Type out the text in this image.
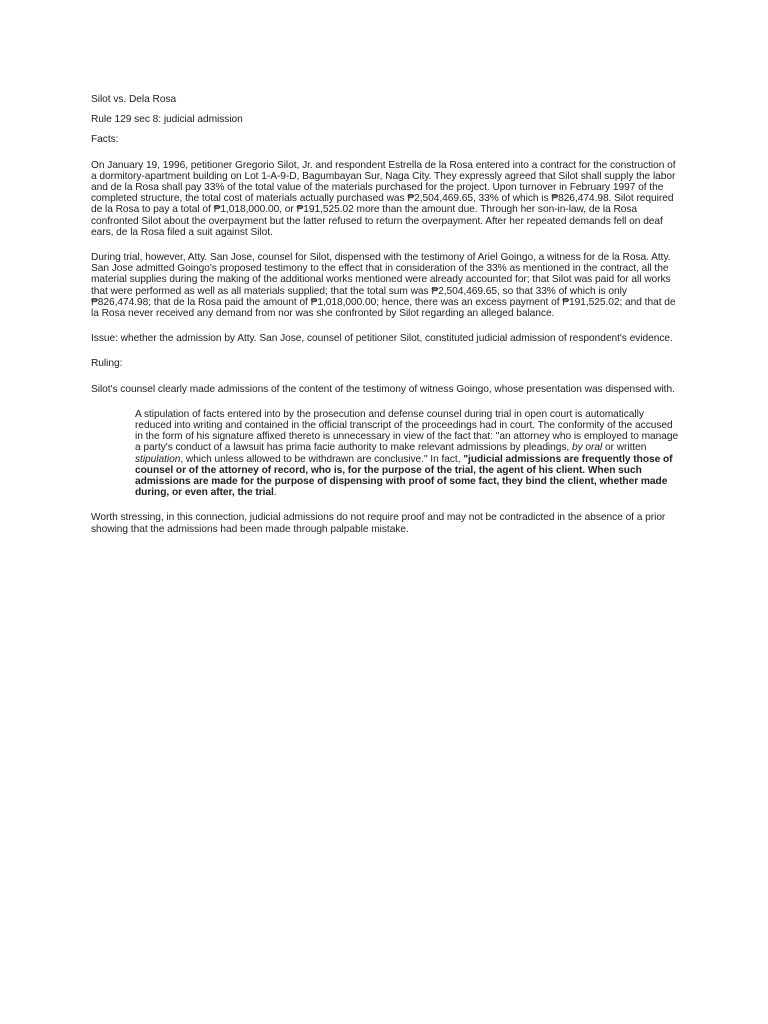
Silot vs. Dela Rosa

Rule 129 sec 8: judicial admission

Facts:

On January 19, 1996, petitioner Gregorio Silot, Jr. and respondent Estrella de la Rosa entered into a contract for the construction of a dormitory-apartment building on Lot 1-A-9-D, Bagumbayan Sur, Naga City. They expressly agreed that Silot shall supply the labor and de la Rosa shall pay 33% of the total value of the materials purchased for the project. Upon turnover in February 1997 of the completed structure, the total cost of materials actually purchased was ₱2,504,469.65, 33% of which is ₱826,474.98. Silot required de la Rosa to pay a total of ₱1,018,000.00, or ₱191,525.02 more than the amount due. Through her son-in-law, de la Rosa confronted Silot about the overpayment but the latter refused to return the overpayment. After her repeated demands fell on deaf ears, de la Rosa filed a suit against Silot.

During trial, however, Atty. San Jose, counsel for Silot, dispensed with the testimony of Ariel Goingo, a witness for de la Rosa. Atty. San Jose admitted Goingo's proposed testimony to the effect that in consideration of the 33% as mentioned in the contract, all the material supplies during the making of the additional works mentioned were already accounted for; that Silot was paid for all works that were performed as well as all materials supplied; that the total sum was ₱2,504,469.65, so that 33% of which is only ₱826,474.98; that de la Rosa paid the amount of ₱1,018,000.00; hence, there was an excess payment of ₱191,525.02; and that de la Rosa never received any demand from nor was she confronted by Silot regarding an alleged balance.

Issue: whether the admission by Atty. San Jose, counsel of petitioner Silot, constituted judicial admission of respondent's evidence.

Ruling:

Silot's counsel clearly made admissions of the content of the testimony of witness Goingo, whose presentation was dispensed with.

A stipulation of facts entered into by the prosecution and defense counsel during trial in open court is automatically reduced into writing and contained in the official transcript of the proceedings had in court. The conformity of the accused in the form of his signature affixed thereto is unnecessary in view of the fact that: "an attorney who is employed to manage a party's conduct of a lawsuit has prima facie authority to make relevant admissions by pleadings, by oral or written stipulation, which unless allowed to be withdrawn are conclusive." In fact, "judicial admissions are frequently those of counsel or of the attorney of record, who is, for the purpose of the trial, the agent of his client. When such admissions are made for the purpose of dispensing with proof of some fact, they bind the client, whether made during, or even after, the trial.

Worth stressing, in this connection, judicial admissions do not require proof and may not be contradicted in the absence of a prior showing that the admissions had been made through palpable mistake.
